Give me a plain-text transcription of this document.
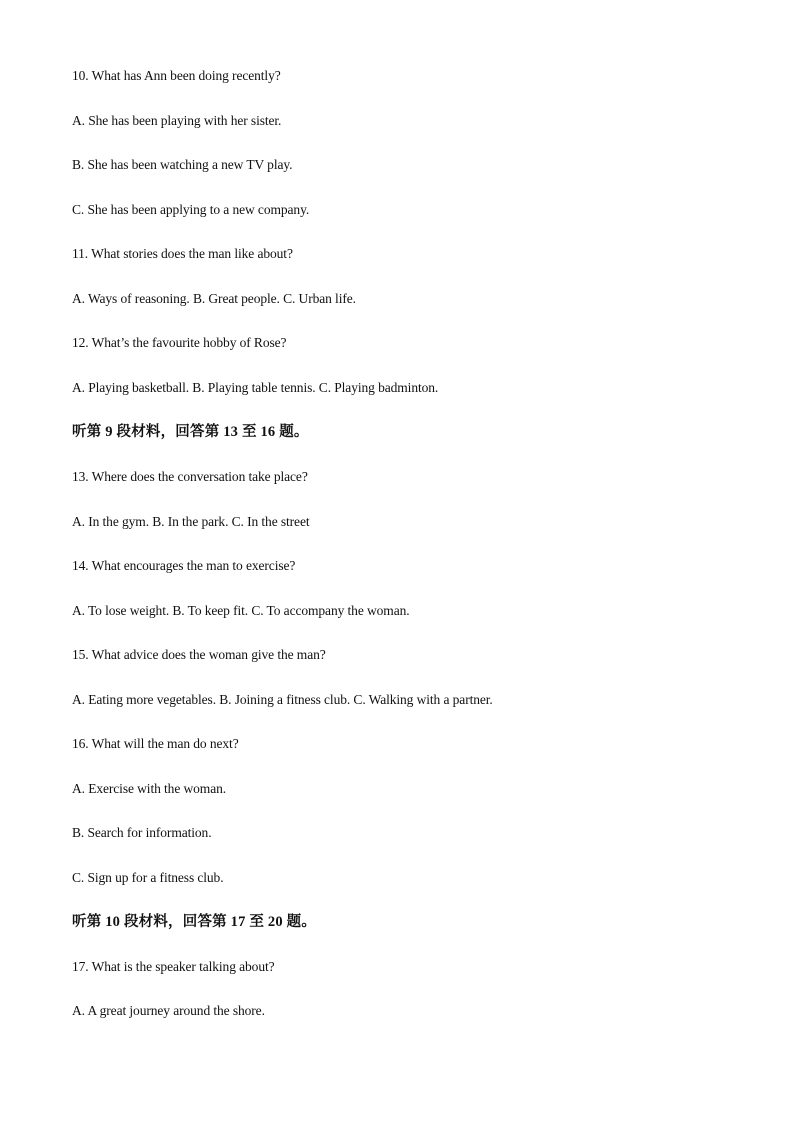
10. What has Ann been doing recently?
A. She has been playing with her sister.
B. She has been watching a new TV play.
C. She has been applying to a new company.
11. What stories does the man like about?
A. Ways of reasoning. B. Great people. C. Urban life.
12. What’s the favourite hobby of Rose?
A. Playing basketball. B. Playing table tennis. C. Playing badminton.
听第 9 段材料，回答第 13 至 16 题。
13. Where does the conversation take place?
A. In the gym. B. In the park. C. In the street
14. What encourages the man to exercise?
A. To lose weight. B. To keep fit. C. To accompany the woman.
15. What advice does the woman give the man?
A. Eating more vegetables. B. Joining a fitness club. C. Walking with a partner.
16. What will the man do next?
A. Exercise with the woman.
B. Search for information.
C. Sign up for a fitness club.
听第 10 段材料，回答第 17 至 20 题。
17. What is the speaker talking about?
A. A great journey around the shore.
